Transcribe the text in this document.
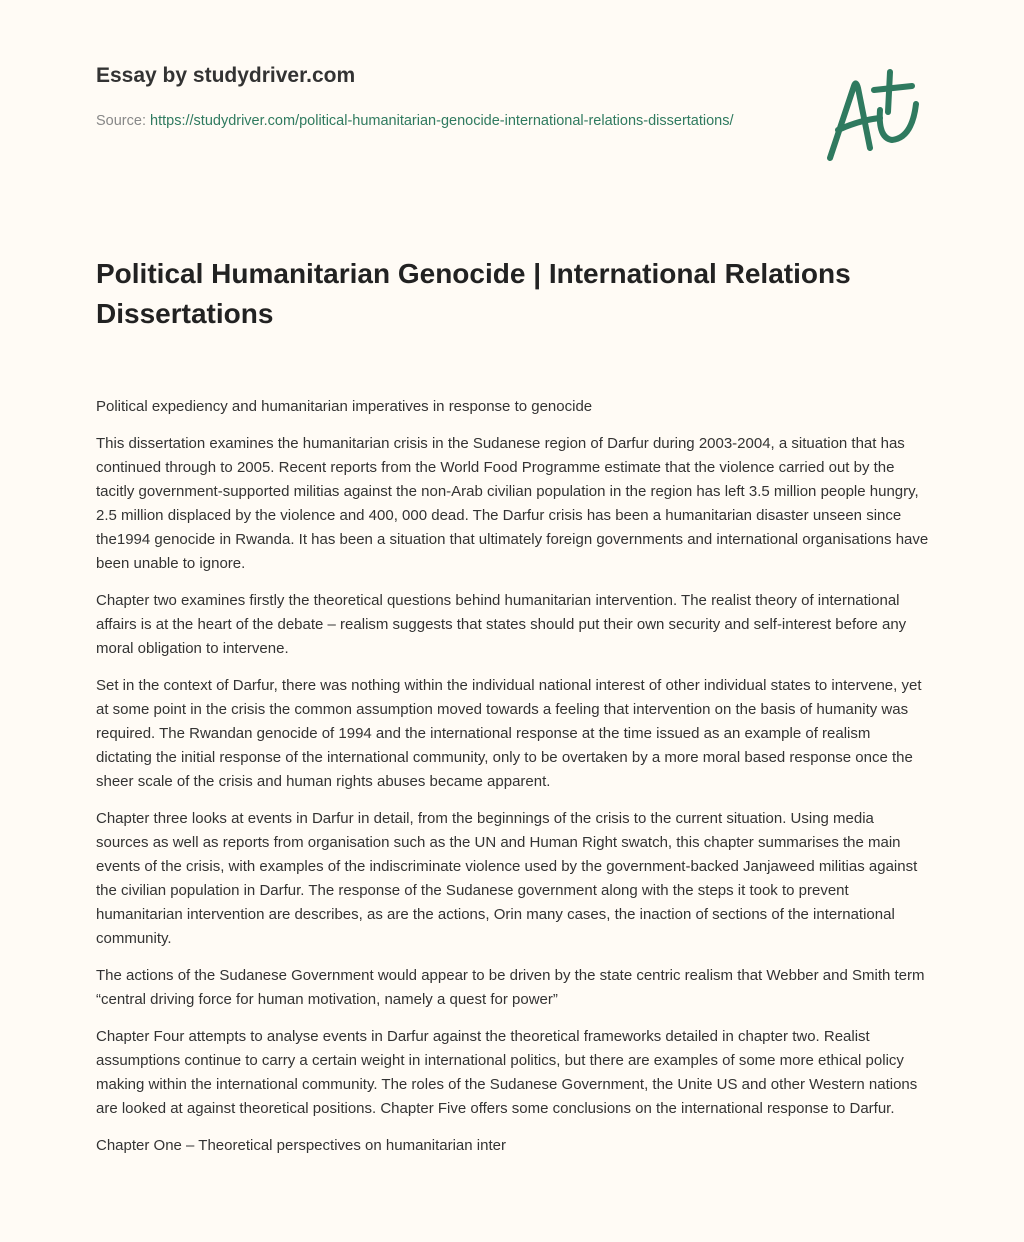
Essay by studydriver.com
Source: https://studydriver.com/political-humanitarian-genocide-international-relations-dissertations/
Political Humanitarian Genocide | International Relations Dissertations

Political expediency and humanitarian imperatives in response to genocide

This dissertation examines the humanitarian crisis in the Sudanese region of Darfur during 2003-2004, a situation that has continued through to 2005. Recent reports from the World Food Programme estimate that the violence carried out by the tacitly government-supported militias against the non-Arab civilian population in the region has left 3.5 million people hungry, 2.5 million displaced by the violence and 400, 000 dead. The Darfur crisis has been a humanitarian disaster unseen since the1994 genocide in Rwanda. It has been a situation that ultimately foreign governments and international organisations have been unable to ignore.

Chapter two examines firstly the theoretical questions behind humanitarian intervention. The realist theory of international affairs is at the heart of the debate – realism suggests that states should put their own security and self-interest before any moral obligation to intervene.

Set in the context of Darfur, there was nothing within the individual national interest of other individual states to intervene, yet at some point in the crisis the common assumption moved towards a feeling that intervention on the basis of humanity was required. The Rwandan genocide of 1994 and the international response at the time issued as an example of realism dictating the initial response of the international community, only to be overtaken by a more moral based response once the sheer scale of the crisis and human rights abuses became apparent.

Chapter three looks at events in Darfur in detail, from the beginnings of the crisis to the current situation. Using media sources as well as reports from organisation such as the UN and Human Right swatch, this chapter summarises the main events of the crisis, with examples of the indiscriminate violence used by the government-backed Janjaweed militias against the civilian population in Darfur. The response of the Sudanese government along with the steps it took to prevent humanitarian intervention are describes, as are the actions, Orin many cases, the inaction of sections of the international community.

The actions of the Sudanese Government would appear to be driven by the state centric realism that Webber and Smith term “central driving force for human motivation, namely a quest for power”

Chapter Four attempts to analyse events in Darfur against the theoretical frameworks detailed in chapter two. Realist assumptions continue to carry a certain weight in international politics, but there are examples of some more ethical policy making within the international community. The roles of the Sudanese Government, the Unite US and other Western nations are looked at against theoretical positions. Chapter Five offers some conclusions on the international response to Darfur.

Chapter One – Theoretical perspectives on humanitarian inter
